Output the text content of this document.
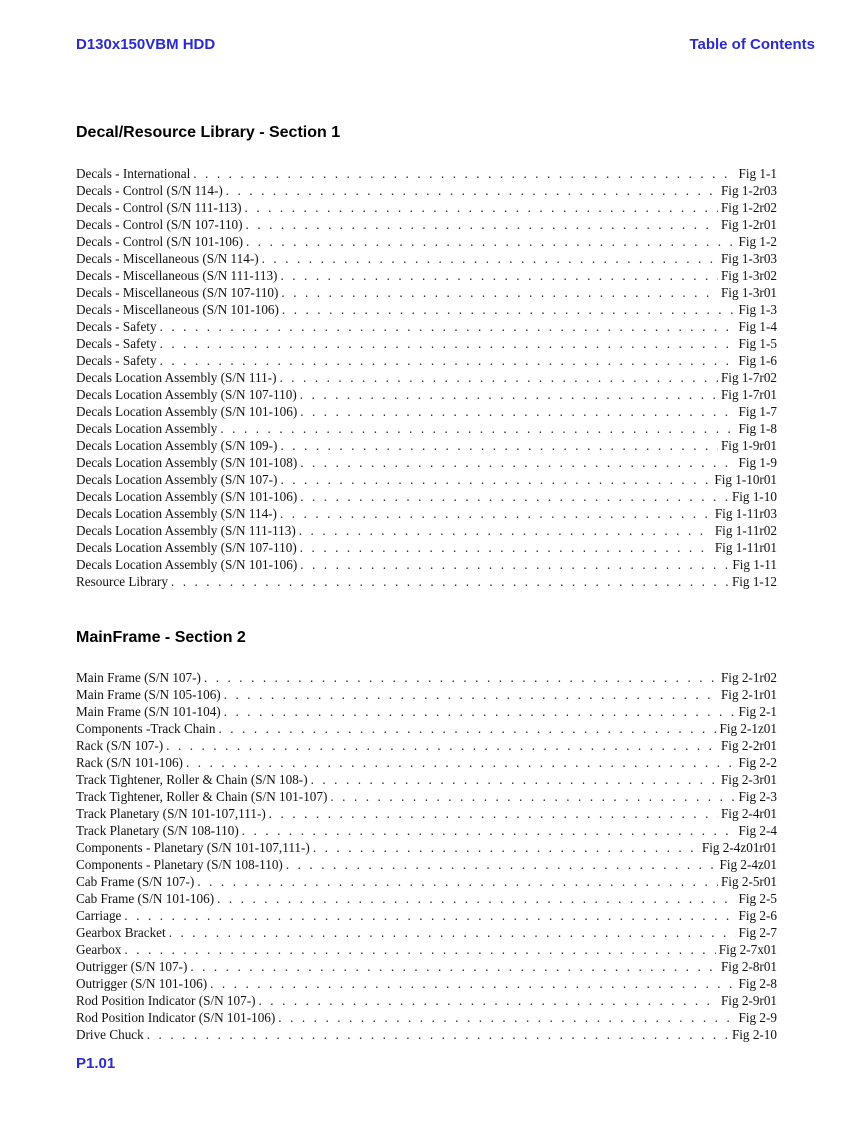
D130x150VBM HDD	Table of Contents
Decal/Resource Library - Section 1
Decals - International . . .	Fig 1-1
Decals - Control (S/N 114-) . . .	Fig 1-2r03
Decals - Control (S/N 111-113) . . .	Fig 1-2r02
Decals - Control (S/N 107-110) . . .	Fig 1-2r01
Decals - Control (S/N 101-106) . . .	Fig 1-2
Decals - Miscellaneous (S/N 114-) . . .	Fig 1-3r03
Decals - Miscellaneous (S/N 111-113) . . .	Fig 1-3r02
Decals - Miscellaneous (S/N 107-110) . . .	Fig 1-3r01
Decals - Miscellaneous (S/N 101-106) . . .	Fig 1-3
Decals - Safety . . .	Fig 1-4
Decals - Safety . . .	Fig 1-5
Decals - Safety . . .	Fig 1-6
Decals Location Assembly (S/N 111-) . . .	Fig 1-7r02
Decals Location Assembly (S/N 107-110) . . .	Fig 1-7r01
Decals Location Assembly (S/N 101-106) . . .	Fig 1-7
Decals Location Assembly . . .	Fig 1-8
Decals Location Assembly (S/N 109-) . . .	Fig 1-9r01
Decals Location Assembly (S/N 101-108) . . .	Fig 1-9
Decals Location Assembly (S/N 107-) . . .	Fig 1-10r01
Decals Location Assembly (S/N 101-106) . . .	Fig 1-10
Decals Location Assembly (S/N 114-) . . .	Fig 1-11r03
Decals Location Assembly (S/N 111-113) . . .	Fig 1-11r02
Decals Location Assembly (S/N 107-110) . . .	Fig 1-11r01
Decals Location Assembly (S/N 101-106) . . .	Fig 1-11
Resource Library . . .	Fig 1-12
MainFrame - Section 2
Main Frame (S/N 107-) . . .	Fig 2-1r02
Main Frame (S/N 105-106) . . .	Fig 2-1r01
Main Frame (S/N 101-104) . . .	Fig 2-1
Components -Track Chain . . .	Fig 2-1z01
Rack (S/N 107-) . . .	Fig 2-2r01
Rack (S/N 101-106) . . .	Fig 2-2
Track Tightener, Roller & Chain (S/N 108-) . . .	Fig 2-3r01
Track Tightener, Roller & Chain (S/N 101-107) . . .	Fig 2-3
Track Planetary (S/N 101-107,111-) . . .	Fig 2-4r01
Track Planetary (S/N 108-110) . . .	Fig 2-4
Components - Planetary (S/N 101-107,111-) . . .	Fig 2-4z01r01
Components - Planetary (S/N 108-110) . . .	Fig 2-4z01
Cab Frame (S/N 107-) . . .	Fig 2-5r01
Cab Frame (S/N 101-106) . . .	Fig 2-5
Carriage . . .	Fig 2-6
Gearbox Bracket . . .	Fig 2-7
Gearbox . . .	Fig 2-7x01
Outrigger (S/N 107-) . . .	Fig 2-8r01
Outrigger (S/N 101-106) . . .	Fig 2-8
Rod Position Indicator (S/N 107-) . . .	Fig 2-9r01
Rod Position Indicator (S/N 101-106) . . .	Fig 2-9
Drive Chuck . . .	Fig 2-10
P1.01
